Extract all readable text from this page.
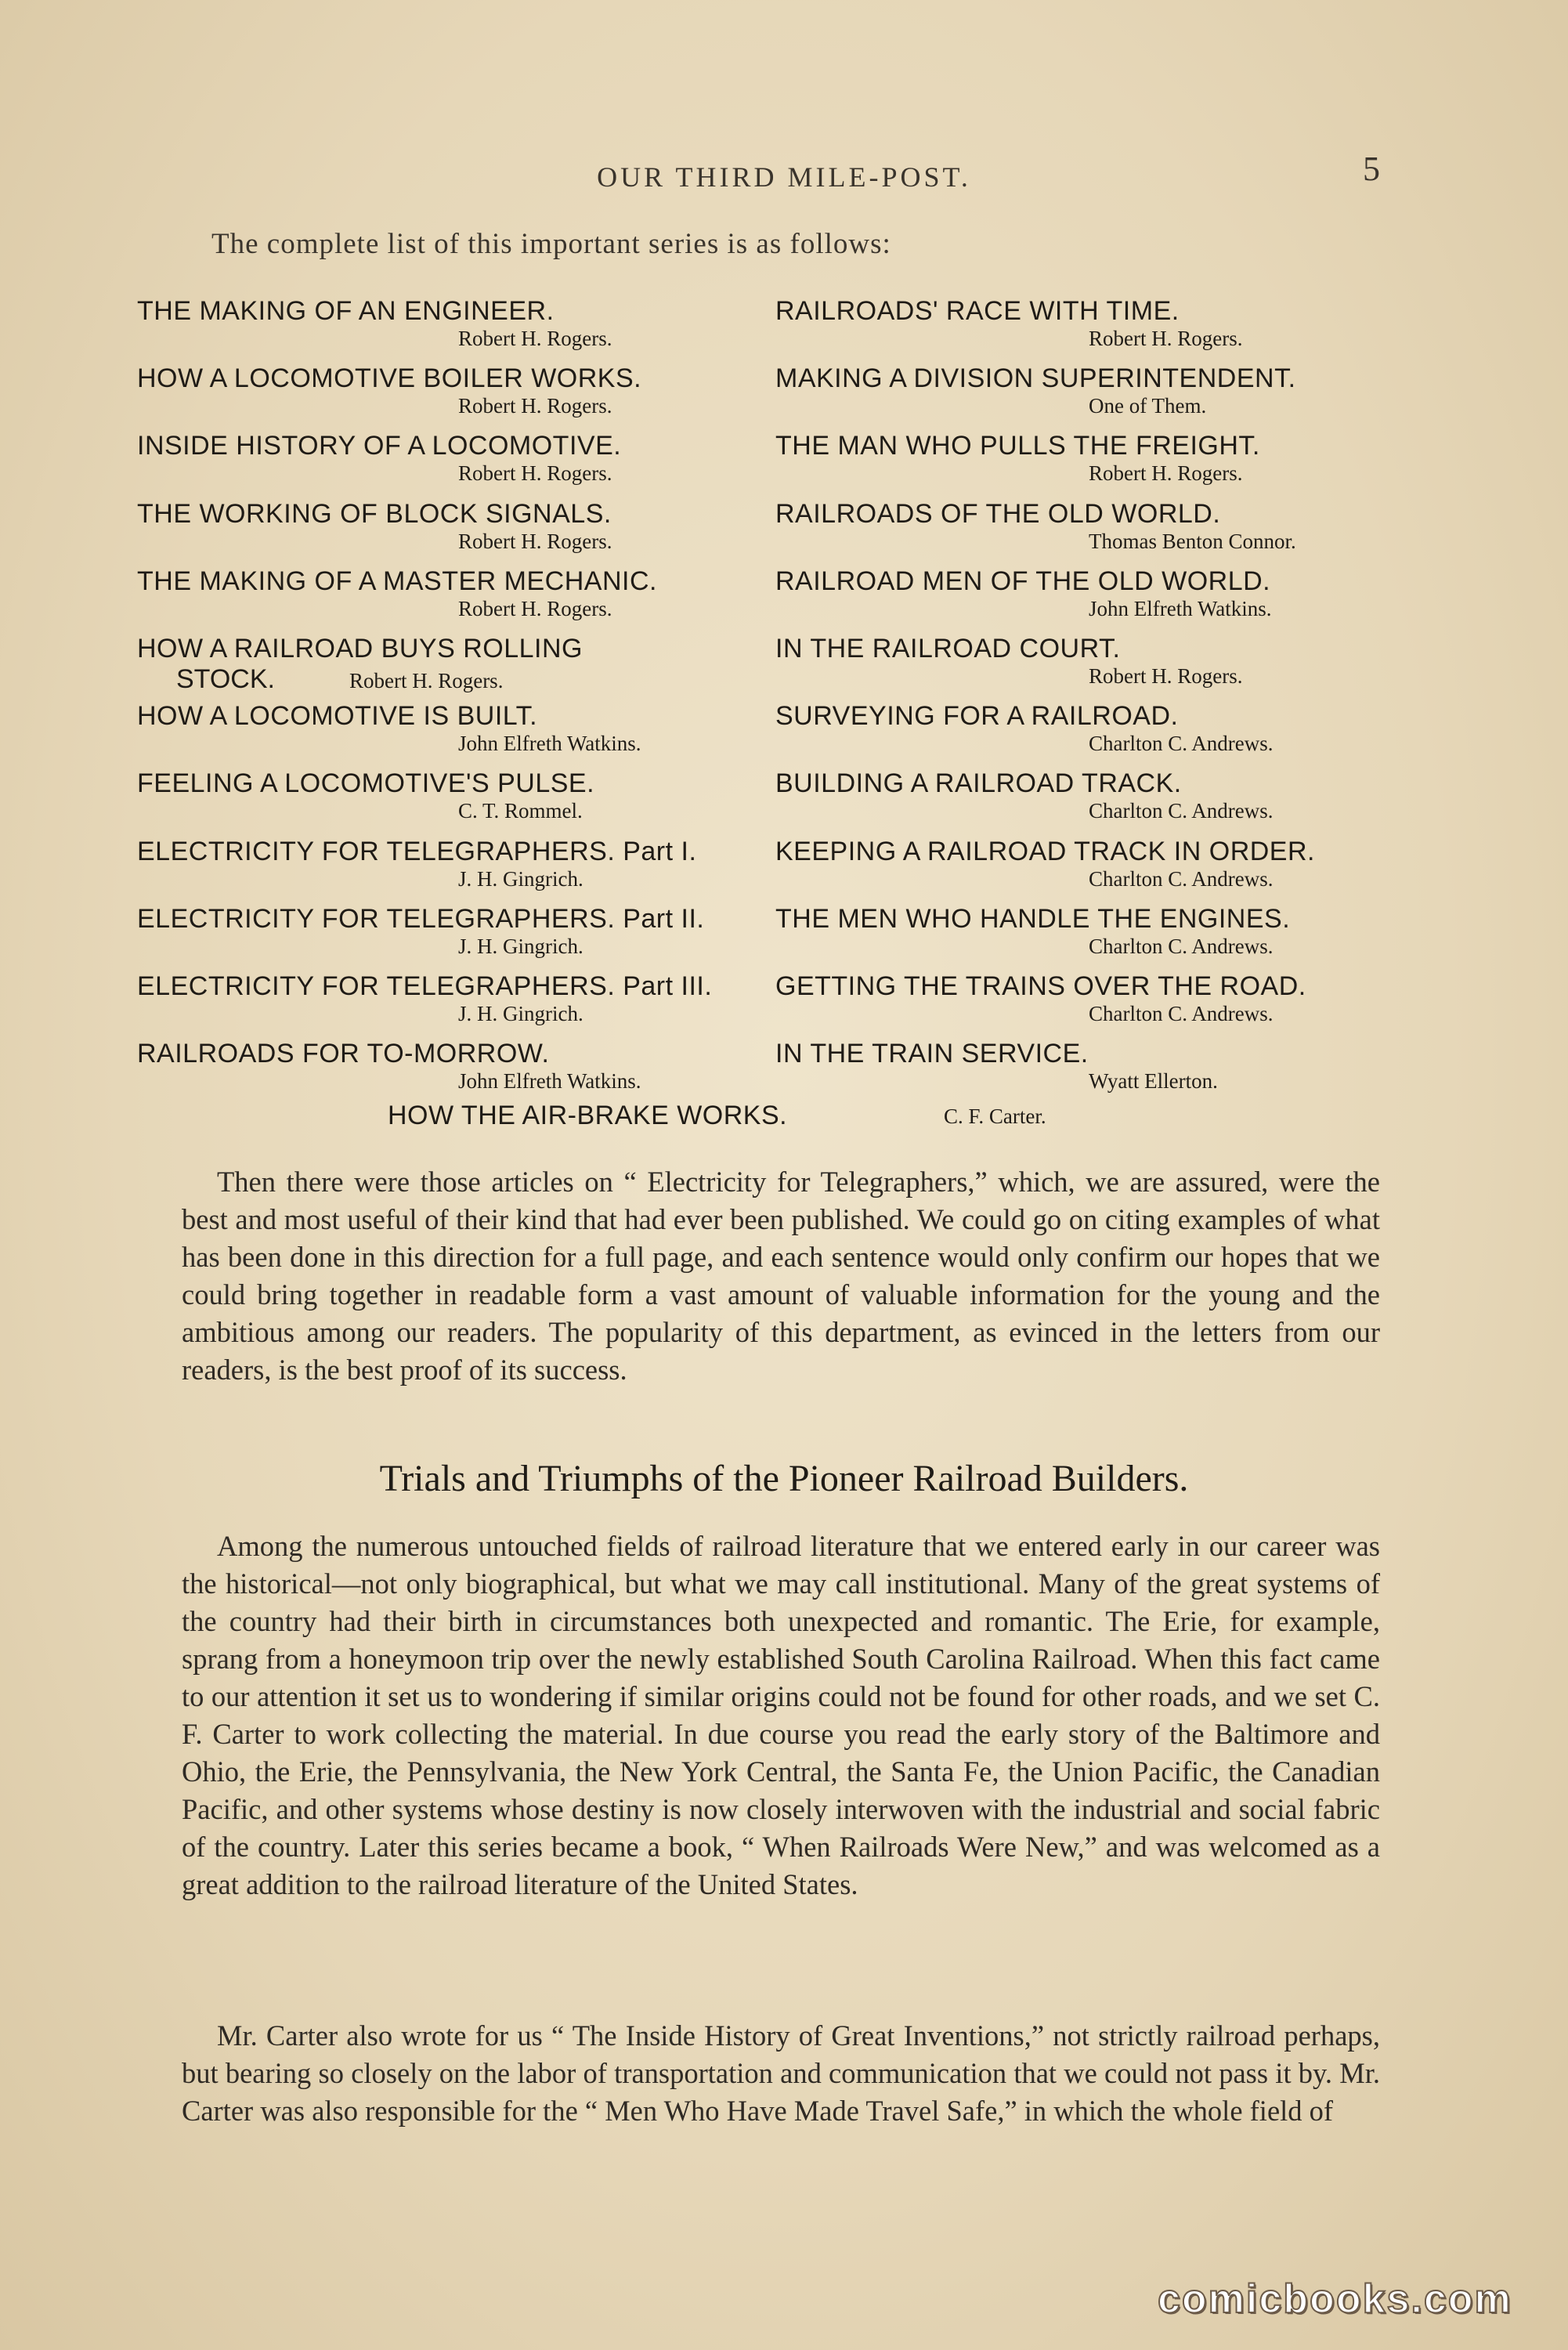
OUR THIRD MILE-POST.	5
The complete list of this important series is as follows:
THE MAKING OF AN ENGINEER.
Robert H. Rogers.
HOW A LOCOMOTIVE BOILER WORKS.
Robert H. Rogers.
INSIDE HISTORY OF A LOCOMOTIVE.
Robert H. Rogers.
THE WORKING OF BLOCK SIGNALS.
Robert H. Rogers.
THE MAKING OF A MASTER MECHANIC.
Robert H. Rogers.
HOW A RAILROAD BUYS ROLLING
STOCK.	Robert H. Rogers.
HOW A LOCOMOTIVE IS BUILT.
John Elfreth Watkins.
FEELING A LOCOMOTIVE'S PULSE.
C. T. Rommel.
ELECTRICITY FOR TELEGRAPHERS. Part I.
J. H. Gingrich.
ELECTRICITY FOR TELEGRAPHERS. Part II.
J. H. Gingrich.
ELECTRICITY FOR TELEGRAPHERS. Part III.
J. H. Gingrich.
RAILROADS FOR TO-MORROW.
John Elfreth Watkins.
RAILROADS' RACE WITH TIME.
Robert H. Rogers.
MAKING A DIVISION SUPERINTENDENT.
One of Them.
THE MAN WHO PULLS THE FREIGHT.
Robert H. Rogers.
RAILROADS OF THE OLD WORLD.
Thomas Benton Connor.
RAILROAD MEN OF THE OLD WORLD.
John Elfreth Watkins.
IN THE RAILROAD COURT.
Robert H. Rogers.
SURVEYING FOR A RAILROAD.
Charlton C. Andrews.
BUILDING A RAILROAD TRACK.
Charlton C. Andrews.
KEEPING A RAILROAD TRACK IN ORDER.
Charlton C. Andrews.
THE MEN WHO HANDLE THE ENGINES.
Charlton C. Andrews.
GETTING THE TRAINS OVER THE ROAD.
Charlton C. Andrews.
IN THE TRAIN SERVICE.
Wyatt Ellerton.
HOW THE AIR-BRAKE WORKS.	C. F. Carter.

Then there were those articles on “ Electricity for Telegraphers,” which, we are assured, were the best and most useful of their kind that had ever been published. We could go on citing examples of what has been done in this direction for a full page, and each sentence would only confirm our hopes that we could bring together in readable form a vast amount of valuable information for the young and the ambitious among our readers. The popularity of this department, as evinced in the letters from our readers, is the best proof of its success.

Trials and Triumphs of the Pioneer Railroad Builders.

Among the numerous untouched fields of railroad literature that we entered early in our career was the historical—not only biographical, but what we may call institutional. Many of the great systems of the country had their birth in circumstances both unexpected and romantic. The Erie, for example, sprang from a honeymoon trip over the newly established South Carolina Railroad. When this fact came to our attention it set us to wondering if similar origins could not be found for other roads, and we set C. F. Carter to work collecting the material. In due course you read the early story of the Baltimore and Ohio, the Erie, the Pennsylvania, the New York Central, the Santa Fe, the Union Pacific, the Canadian Pacific, and other systems whose destiny is now closely interwoven with the industrial and social fabric of the country. Later this series became a book, “ When Railroads Were New,” and was welcomed as a great addition to the railroad literature of the United States.

Mr. Carter also wrote for us “ The Inside History of Great Inventions,” not strictly railroad perhaps, but bearing so closely on the labor of transportation and communication that we could not pass it by. Mr. Carter was also responsible for the “ Men Who Have Made Travel Safe,” in which the whole field of

comicbooks.com
